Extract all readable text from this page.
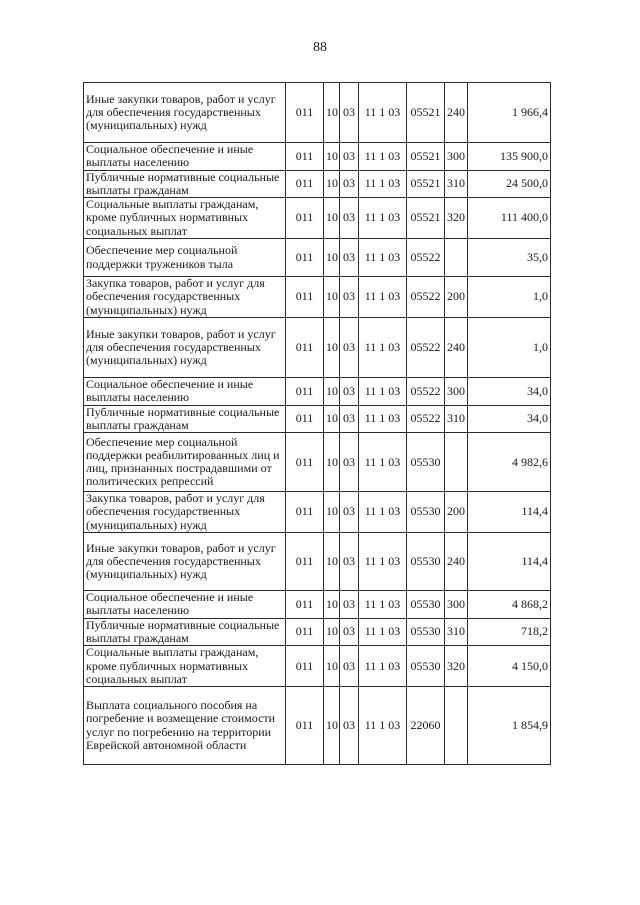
88
Иные закупки товаров, работ и услуг для обеспечения государственных (муниципальных) нужд	011	10	03	11 1 03	05521	240	1 966,4
Социальное обеспечение и иные выплаты населению	011	10	03	11 1 03	05521	300	135 900,0
Публичные нормативные социальные выплаты гражданам	011	10	03	11 1 03	05521	310	24 500,0
Социальные выплаты гражданам, кроме публичных нормативных социальных выплат	011	10	03	11 1 03	05521	320	111 400,0
Обеспечение мер социальной поддержки тружеников тыла	011	10	03	11 1 03	05522		35,0
Закупка товаров, работ и услуг для обеспечения государственных (муниципальных) нужд	011	10	03	11 1 03	05522	200	1,0
Иные закупки товаров, работ и услуг для обеспечения государственных (муниципальных) нужд	011	10	03	11 1 03	05522	240	1,0
Социальное обеспечение и иные выплаты населению	011	10	03	11 1 03	05522	300	34,0
Публичные нормативные социальные выплаты гражданам	011	10	03	11 1 03	05522	310	34,0
Обеспечение мер социальной поддержки реабилитированных лиц и лиц, признанных пострадавшими от политических репрессий	011	10	03	11 1 03	05530		4 982,6
Закупка товаров, работ и услуг для обеспечения государственных (муниципальных) нужд	011	10	03	11 1 03	05530	200	114,4
Иные закупки товаров, работ и услуг для обеспечения государственных (муниципальных) нужд	011	10	03	11 1 03	05530	240	114,4
Социальное обеспечение и иные выплаты населению	011	10	03	11 1 03	05530	300	4 868,2
Публичные нормативные социальные выплаты гражданам	011	10	03	11 1 03	05530	310	718,2
Социальные выплаты гражданам, кроме публичных нормативных социальных выплат	011	10	03	11 1 03	05530	320	4 150,0
Выплата социального пособия на погребение и возмещение стоимости услуг по погребению на территории Еврейской автономной области	011	10	03	11 1 03	22060		1 854,9
